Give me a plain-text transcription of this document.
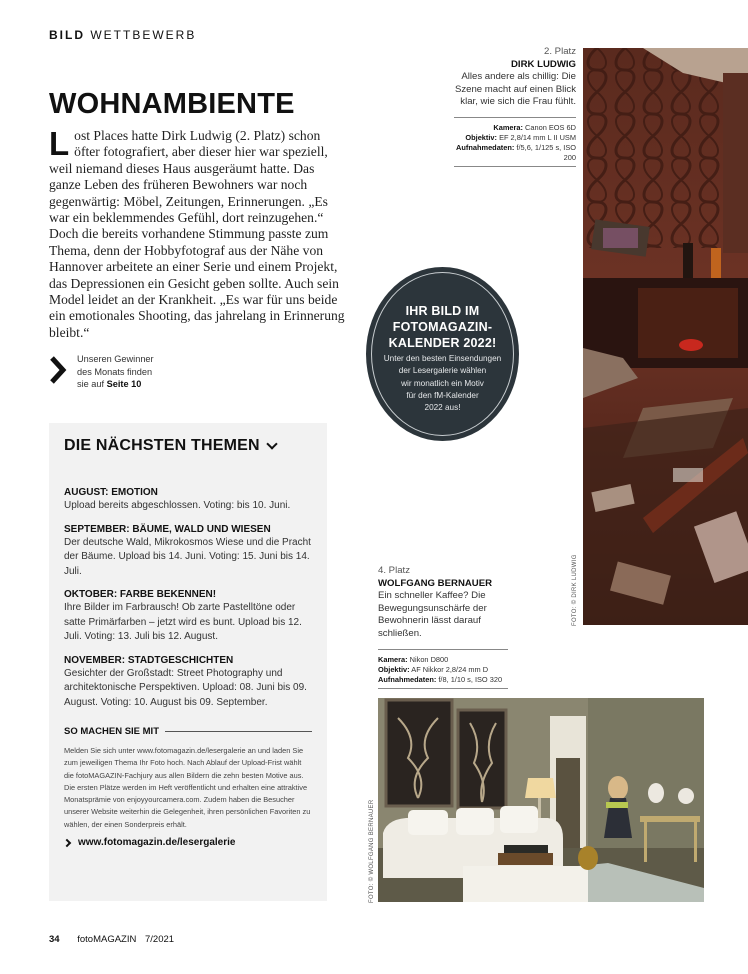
BILD WETTBEWERB
WOHNAMBIENTE
L ost Places hatte Dirk Ludwig (2. Platz) schon öfter fotografiert, aber dieser hier war speziell, weil niemand dieses Haus ausgeräumt hatte. Das ganze Leben des früheren Bewohners war noch gegenwärtig: Möbel, Zeitungen, Erinnerungen. „Es war ein beklemmendes Gefühl, dort reinzugehen.“ Doch die bereits vorhandene Stimmung passte zum Thema, denn der Hobbyfotograf aus der Nähe von Hannover arbeitete an einer Serie und einem Projekt, das Depressionen ein Gesicht geben sollte. Auch sein Model leidet an der Krankheit. „Es war für uns beide ein emotionales Shooting, das jahrelang in Erinnerung bleibt.“
Unseren Gewinner
des Monats finden
sie auf Seite 10
DIE NÄCHSTEN THEMEN
AUGUST: EMOTION
Upload bereits abgeschlossen. Voting: bis 10. Juni.
SEPTEMBER: BÄUME, WALD UND WIESEN
Der deutsche Wald, Mikrokosmos Wiese und die Pracht der Bäume. Upload bis 14. Juni. Voting: 15. Juni bis 14. Juli.
OKTOBER: FARBE BEKENNEN!
Ihre Bilder im Farbrausch! Ob zarte Pastelltöne oder satte Primärfarben – jetzt wird es bunt. Upload bis 12. Juli. Voting: 13. Juli bis 12. August.
NOVEMBER: STADTGESCHICHTEN
Gesichter der Großstadt: Street Photography und architektonische Perspektiven. Upload: 08. Juni bis 09. August. Voting: 10. August bis 09. September.
SO MACHEN SIE MIT
Melden Sie sich unter www.fotomagazin.de/lesergalerie an und laden Sie zum jeweiligen Thema Ihr Foto hoch. Nach Ablauf der Upload-Frist wählt die fotoMAGAZIN-Fachjury aus allen Bildern die zehn besten Motive aus. Die ersten Plätze werden im Heft veröffentlicht und erhalten eine attraktive Monatsprämie von enjoyyourcamera.com. Zudem haben die Besucher unserer Website weiterhin die Gelegenheit, ihren persönlichen Favoriten zu wählen, der einen Sonderpreis erhält.
www.fotomagazin.de/lesergalerie
2. Platz
DIRK LUDWIG
Alles andere als chillig: Die Szene macht auf einen Blick klar, wie sich die Frau fühlt.
Kamera: Canon EOS 6D
Objektiv: EF 2,8/14 mm L II USM
Aufnahmedaten: f/5,6, 1/125 s, ISO 200
FOTO: © DIRK LUDWIG
IHR BILD IM
FOTOMAGAZIN-
KALENDER 2022!
Unter den besten Einsendungen
der Lesergalerie wählen
wir monatlich ein Motiv
für den fM-Kalender
2022 aus!
4. Platz
WOLFGANG BERNAUER
Ein schneller Kaffee? Die Bewegungsunschärfe der Bewohnerin lässt darauf schließen.
Kamera: Nikon D800
Objektiv: AF Nikkor 2,8/24 mm D
Aufnahmedaten: f/8, 1/10 s, ISO 320
FOTO: © WOLFGANG BERNAUER
34 fotoMAGAZIN 7/2021
